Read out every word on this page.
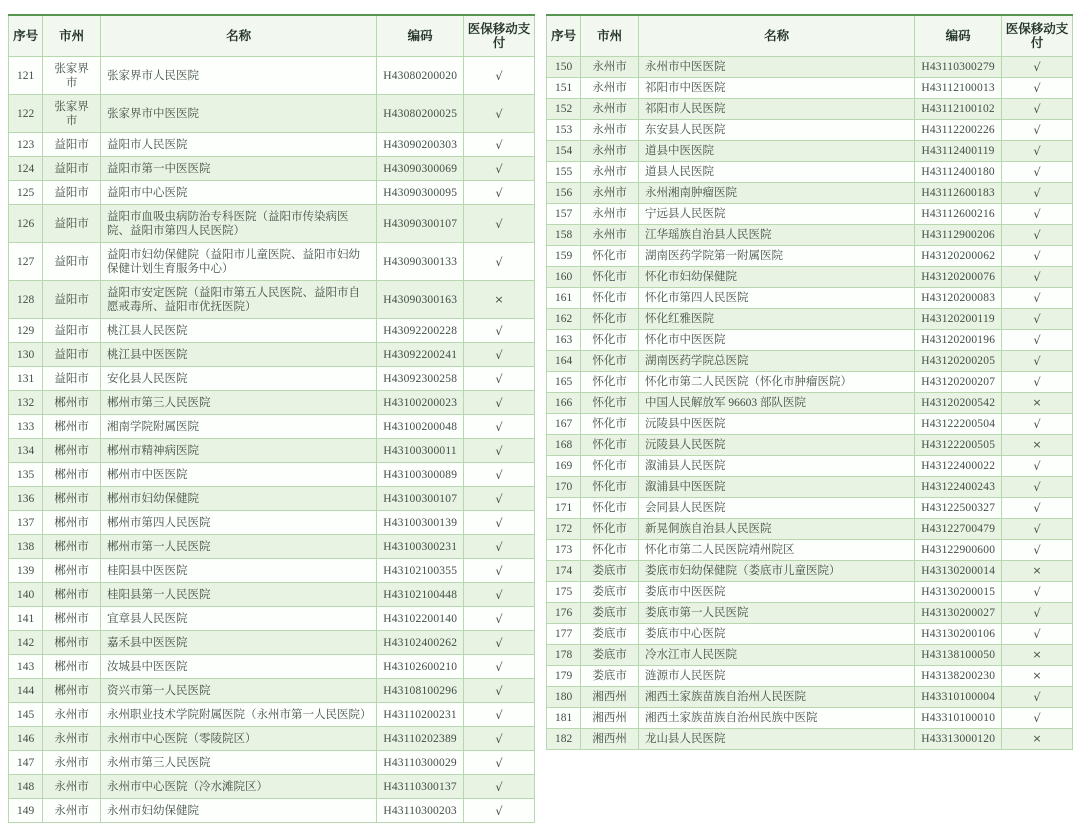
序号	市州	名称	编码	医保移动支付
121	张家界市	张家界市人民医院	H43080200020	√
122	张家界市	张家界市中医医院	H43080200025	√
123	益阳市	益阳市人民医院	H43090200303	√
124	益阳市	益阳市第一中医医院	H43090300069	√
125	益阳市	益阳市中心医院	H43090300095	√
126	益阳市	益阳市血吸虫病防治专科医院（益阳市传染病医院、益阳市第四人民医院）	H43090300107	√
127	益阳市	益阳市妇幼保健院（益阳市儿童医院、益阳市妇幼保健计划生育服务中心）	H43090300133	√
128	益阳市	益阳市安定医院（益阳市第五人民医院、益阳市自愿戒毒所、益阳市优抚医院）	H43090300163	×
129	益阳市	桃江县人民医院	H43092200228	√
130	益阳市	桃江县中医医院	H43092200241	√
131	益阳市	安化县人民医院	H43092300258	√
132	郴州市	郴州市第三人民医院	H43100200023	√
133	郴州市	湘南学院附属医院	H43100200048	√
134	郴州市	郴州市精神病医院	H43100300011	√
135	郴州市	郴州市中医医院	H43100300089	√
136	郴州市	郴州市妇幼保健院	H43100300107	√
137	郴州市	郴州市第四人民医院	H43100300139	√
138	郴州市	郴州市第一人民医院	H43100300231	√
139	郴州市	桂阳县中医医院	H43102100355	√
140	郴州市	桂阳县第一人民医院	H43102100448	√
141	郴州市	宜章县人民医院	H43102200140	√
142	郴州市	嘉禾县中医医院	H43102400262	√
143	郴州市	汝城县中医医院	H43102600210	√
144	郴州市	资兴市第一人民医院	H43108100296	√
145	永州市	永州职业技术学院附属医院（永州市第一人民医院）	H43110200231	√
146	永州市	永州市中心医院（零陵院区）	H43110202389	√
147	永州市	永州市第三人民医院	H43110300029	√
148	永州市	永州市中心医院（冷水滩院区）	H43110300137	√
149	永州市	永州市妇幼保健院	H43110300203	√
序号	市州	名称	编码	医保移动支付
150	永州市	永州市中医医院	H43110300279	√
151	永州市	祁阳市中医医院	H43112100013	√
152	永州市	祁阳市人民医院	H43112100102	√
153	永州市	东安县人民医院	H43112200226	√
154	永州市	道县中医医院	H43112400119	√
155	永州市	道县人民医院	H43112400180	√
156	永州市	永州湘南肿瘤医院	H43112600183	√
157	永州市	宁远县人民医院	H43112600216	√
158	永州市	江华瑶族自治县人民医院	H43112900206	√
159	怀化市	湖南医药学院第一附属医院	H43120200062	√
160	怀化市	怀化市妇幼保健院	H43120200076	√
161	怀化市	怀化市第四人民医院	H43120200083	√
162	怀化市	怀化红雅医院	H43120200119	√
163	怀化市	怀化市中医医院	H43120200196	√
164	怀化市	湖南医药学院总医院	H43120200205	√
165	怀化市	怀化市第二人民医院（怀化市肿瘤医院）	H43120200207	√
166	怀化市	中国人民解放军 96603 部队医院	H43120200542	×
167	怀化市	沅陵县中医医院	H43122200504	√
168	怀化市	沅陵县人民医院	H43122200505	×
169	怀化市	溆浦县人民医院	H43122400022	√
170	怀化市	溆浦县中医医院	H43122400243	√
171	怀化市	会同县人民医院	H43122500327	√
172	怀化市	新晃侗族自治县人民医院	H43122700479	√
173	怀化市	怀化市第二人民医院靖州院区	H43122900600	√
174	娄底市	娄底市妇幼保健院（娄底市儿童医院）	H43130200014	×
175	娄底市	娄底市中医医院	H43130200015	√
176	娄底市	娄底市第一人民医院	H43130200027	√
177	娄底市	娄底市中心医院	H43130200106	√
178	娄底市	冷水江市人民医院	H43138100050	×
179	娄底市	涟源市人民医院	H43138200230	×
180	湘西州	湘西土家族苗族自治州人民医院	H43310100004	√
181	湘西州	湘西土家族苗族自治州民族中医院	H43310100010	√
182	湘西州	龙山县人民医院	H43313000120	×
